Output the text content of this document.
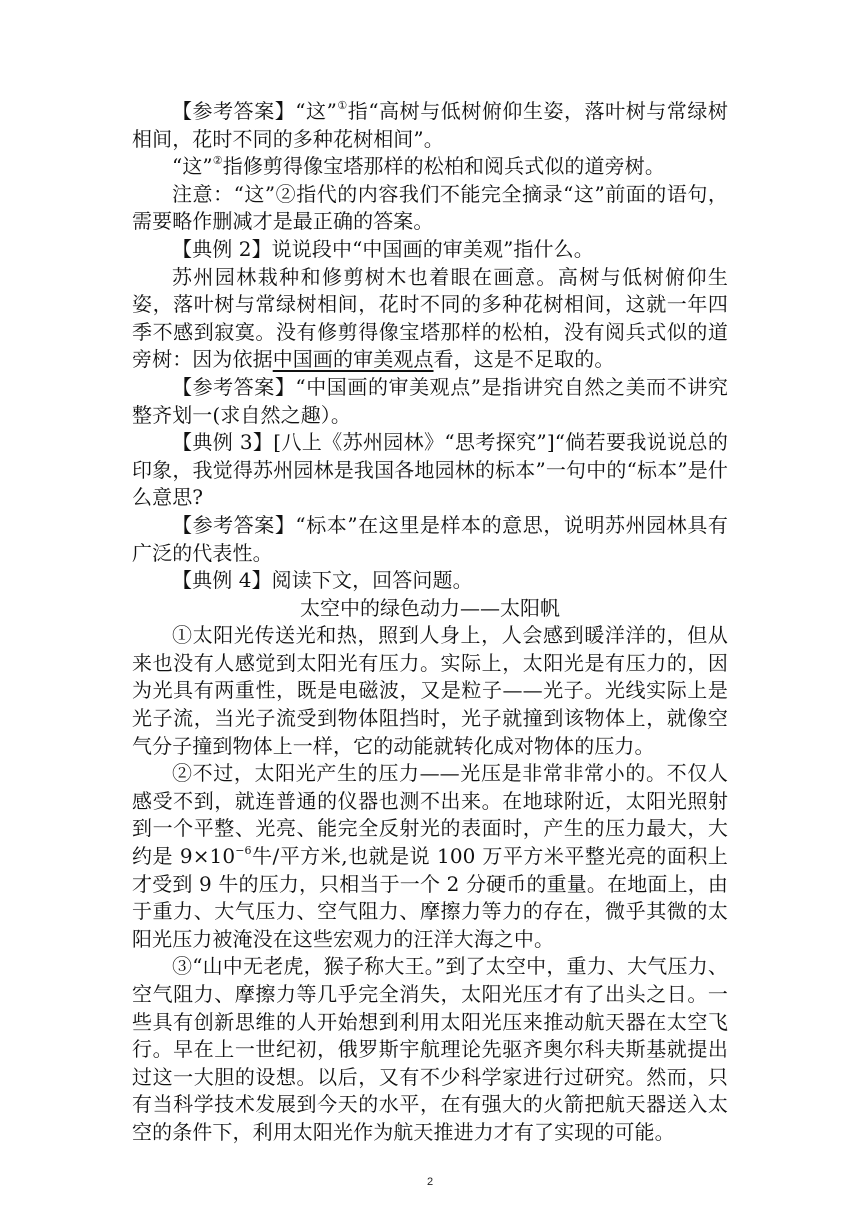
【参考答案】“这”①指“高树与低树俯仰生姿，落叶树与常绿树相间，花时不同的多种花树相间”。

“这”②指修剪得像宝塔那样的松柏和阅兵式似的道旁树。

注意：“这”②指代的内容我们不能完全摘录“这”前面的语句，需要略作删减才是最正确的答案。

【典例 2】说说段中“中国画的审美观”指什么。

苏州园林栽种和修剪树木也着眼在画意。高树与低树俯仰生姿，落叶树与常绿树相间，花时不同的多种花树相间，这就一年四季不感到寂寞。没有修剪得像宝塔那样的松柏，没有阅兵式似的道旁树：因为依据中国画的审美观点看，这是不足取的。

【参考答案】“中国画的审美观点”是指讲究自然之美而不讲究整齐划一(求自然之趣）。

【典例 3】[八上《苏州园林》“思考探究”]“倘若要我说说总的印象，我觉得苏州园林是我国各地园林的标本”一句中的“标本”是什么意思?

【参考答案】“标本”在这里是样本的意思，说明苏州园林具有广泛的代表性。

【典例 4】阅读下文，回答问题。

太空中的绿色动力——太阳帆

①太阳光传送光和热，照到人身上，人会感到暖洋洋的，但从来也没有人感觉到太阳光有压力。实际上，太阳光是有压力的，因为光具有两重性，既是电磁波，又是粒子——光子。光线实际上是光子流，当光子流受到物体阻挡时，光子就撞到该物体上，就像空气分子撞到物体上一样，它的动能就转化成对物体的压力。

②不过，太阳光产生的压力——光压是非常非常小的。不仅人感受不到，就连普通的仪器也测不出来。在地球附近，太阳光照射到一个平整、光亮、能完全反射光的表面时，产生的压力最大，大约是 $9\times 10^{-6}$牛/平方米,也就是说 100 万平方米平整光亮的面积上才受到 9 牛的压力，只相当于一个 2 分硬币的重量。在地面上，由于重力、大气压力、空气阻力、摩擦力等力的存在，微乎其微的太阳光压力被淹没在这些宏观力的汪洋大海之中。

③“山中无老虎，猴子称大王。”到了太空中，重力、大气压力、空气阻力、摩擦力等几乎完全消失，太阳光压才有了出头之日。一些具有创新思维的人开始想到利用太阳光压来推动航天器在太空飞行。早在上一世纪初，俄罗斯宇航理论先驱齐奥尔科夫斯基就提出过这一大胆的设想。以后，又有不少科学家进行过研究。然而，只有当科学技术发展到今天的水平，在有强大的火箭把航天器送入太空的条件下，利用太阳光作为航天推进力才有了实现的可能。

2
